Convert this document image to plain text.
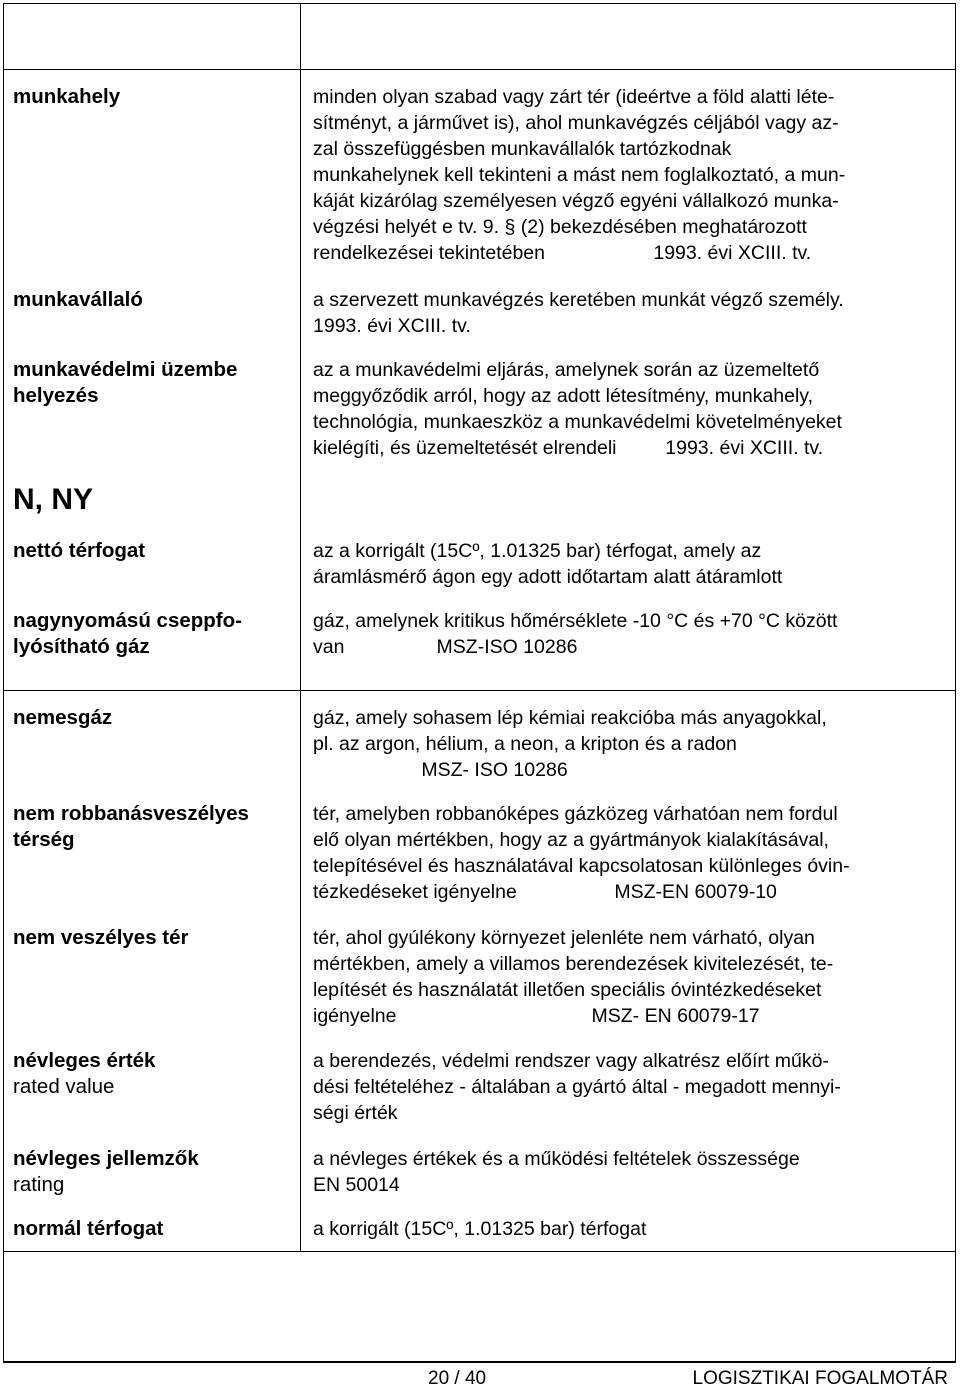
munkahely
munkavállaló
munkavédelmi üzembe helyezés
N, NY
nettó térfogat
nagynyomású cseppfo-
lyósítható gáz

minden olyan szabad vagy zárt tér (ideértve a föld alatti léte-

sítményt, a járművet is), ahol munkavégzés céljából vagy az-

zal összefüggésben munkavállalók tartózkodnak

munkahelynek kell tekinteni a mást nem foglalkoztató, a mun-

káját kizárólag személyesen végző egyéni vállalkozó munka-

végzési helyét e tv. 9. § (2) bekezdésében meghatározott

rendelkezései tekintetében                    1993. évi XCIII. tv.

a szervezett munkavégzés keretében munkát végző személy.

1993. évi XCIII. tv.

az a munkavédelmi eljárás, amelynek során az üzemeltető

meggyőződik arról, hogy az adott létesítmény, munkahely,

technológia, munkaeszköz a munkavédelmi követelményeket

kielégíti, és üzemeltetését elrendeli         1993. évi XCIII. tv.

az a korrigált (15Cº, 1.01325 bar) térfogat, amely az

áramlásmérő ágon egy adott időtartam alatt átáramlott

gáz, amelynek kritikus hőmérséklete -10 °C és +70 °C között

van                 MSZ-ISO 10286

nemesgáz
nem robbanásveszélyes
térség
nem veszélyes tér
névleges érték
rated value
névleges jellemzők
rating
normál térfogat

gáz, amely sohasem lép kémiai reakcióba más anyagokkal,

pl. az argon, hélium, a neon, a kripton és a radon

MSZ- ISO 10286

tér, amelyben robbanóképes gázközeg várhatóan nem fordul

elő olyan mértékben, hogy az a gyártmányok kialakításával,

telepítésével és használatával kapcsolatosan különleges óvin-

tézkedéseket igényelne                  MSZ-EN 60079-10

tér, ahol gyúlékony környezet jelenléte nem várható, olyan

mértékben, amely a villamos berendezések kivitelezését, te-

lepítését és használatát illetően speciális óvintézkedéseket

igényelne                                    MSZ- EN 60079-17

a berendezés, védelmi rendszer vagy alkatrész előírt műkö-

dési feltételéhez - általában a gyártó által - megadott mennyi-

ségi érték

a névleges értékek és a működési feltételek összessége

EN 50014

a korrigált (15Cº, 1.01325 bar) térfogat

20 / 40	LOGISZTIKAI FOGALMOTÁR
